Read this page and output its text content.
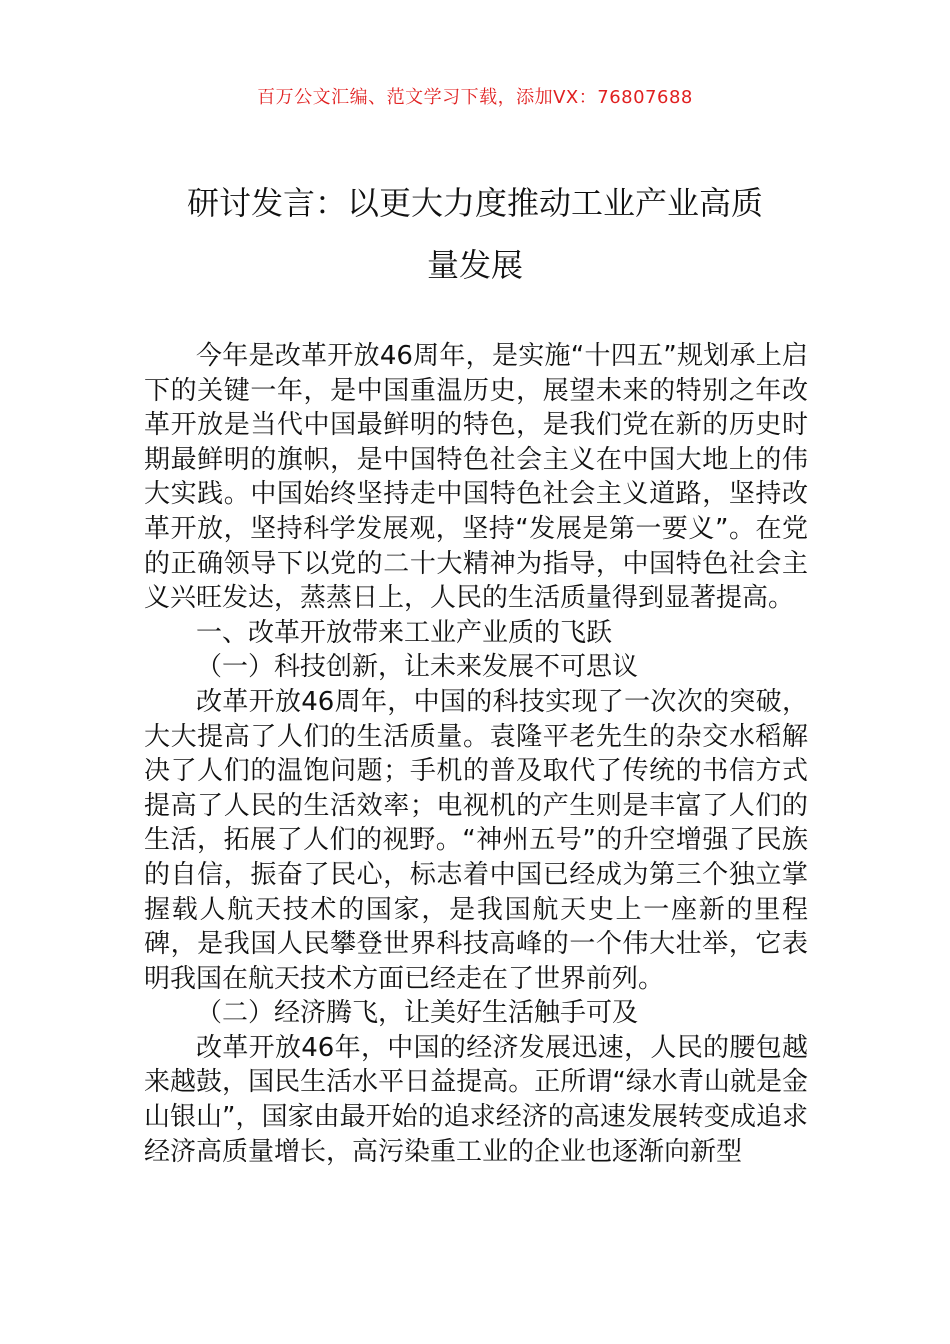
百万公文汇编、范文学习下载，添加VX：76807688
研讨发言：以更大力度推动工业产业高质
量发展

今年是改革开放46周年，是实施“十四五”规划承上启下的关键一年，是中国重温历史，展望未来的特别之年改革开放是当代中国最鲜明的特色，是我们党在新的历史时期最鲜明的旗帜，是中国特色社会主义在中国大地上的伟大实践。中国始终坚持走中国特色社会主义道路，坚持改革开放，坚持科学发展观，坚持“发展是第一要义”。在党的正确领导下以党的二十大精神为指导，中国特色社会主义兴旺发达，蒸蒸日上，人民的生活质量得到显著提高。

一、改革开放带来工业产业质的飞跃

（一）科技创新，让未来发展不可思议

改革开放46周年，中国的科技实现了一次次的突破，大大提高了人们的生活质量。袁隆平老先生的杂交水稻解决了人们的温饱问题；手机的普及取代了传统的书信方式提高了人民的生活效率；电视机的产生则是丰富了人们的生活，拓展了人们的视野。“神州五号”的升空增强了民族的自信，振奋了民心，标志着中国已经成为第三个独立掌握载人航天技术的国家，是我国航天史上一座新的里程碑，是我国人民攀登世界科技高峰的一个伟大壮举，它表明我国在航天技术方面已经走在了世界前列。

（二）经济腾飞，让美好生活触手可及

改革开放46年，中国的经济发展迅速，人民的腰包越来越鼓，国民生活水平日益提高。正所谓“绿水青山就是金山银山”，国家由最开始的追求经济的高速发展转变成追求经济高质量增长，高污染重工业的企业也逐渐向新型
